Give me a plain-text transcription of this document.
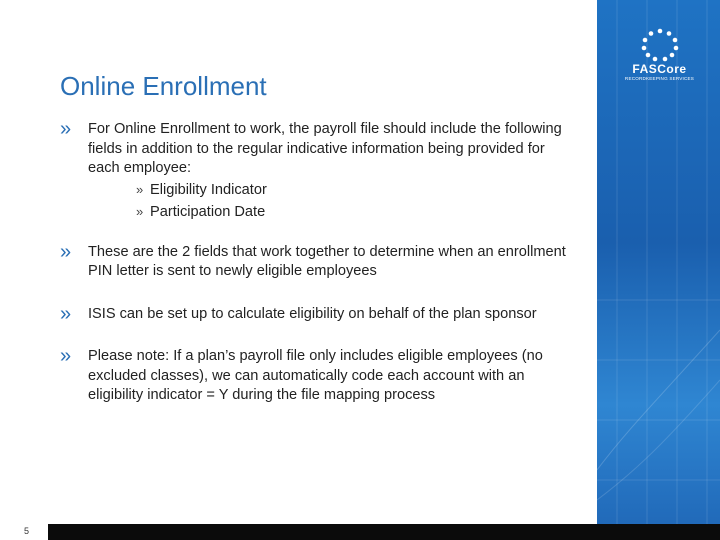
FASCore
RECORDKEEPING SERVICES
Online Enrollment
» For Online Enrollment to work, the payroll file should include the following fields in addition to the regular indicative information being provided for each employee:
» Eligibility Indicator
» Participation Date
» These are the 2 fields that work together to determine when an enrollment PIN letter is sent to newly eligible employees
» ISIS can be set up to calculate eligibility on behalf of the plan sponsor
» Please note: If a plan’s payroll file only includes eligible employees (no excluded classes), we can automatically code each account with an eligibility indicator = Y during the file mapping process
5
